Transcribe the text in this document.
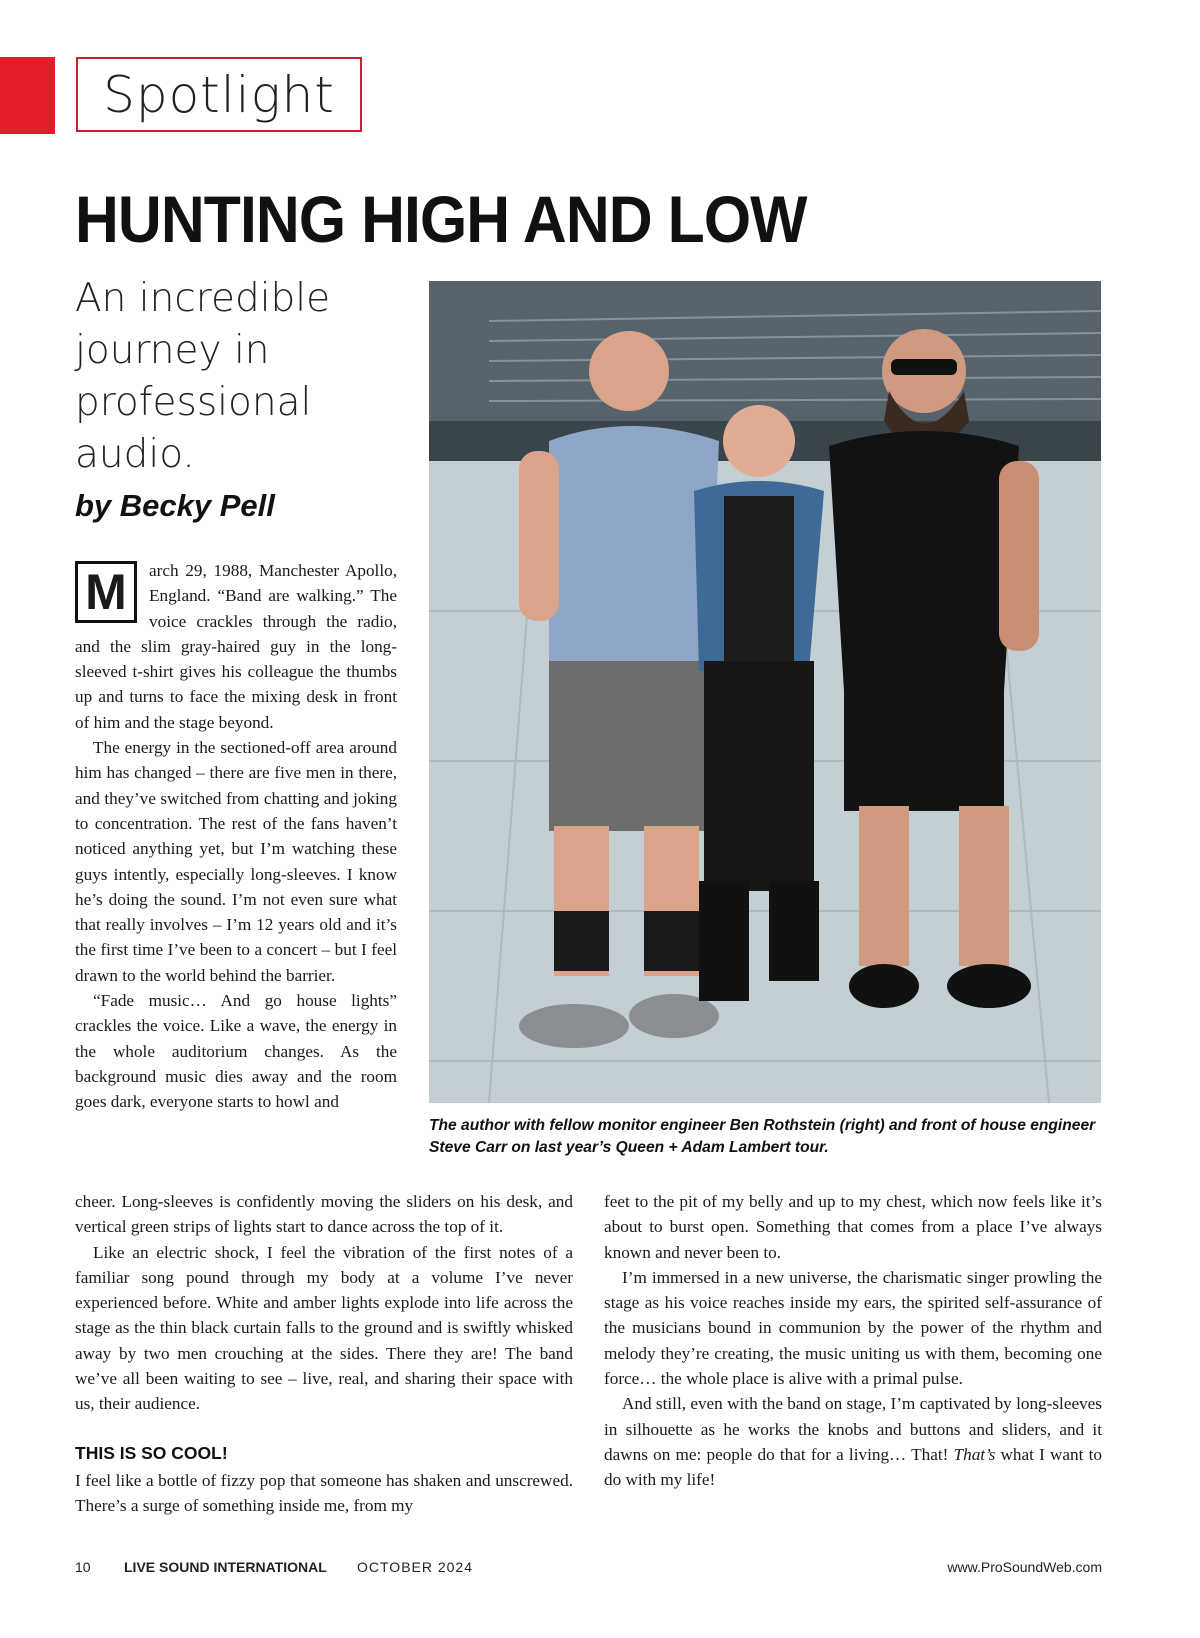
Spotlight
HUNTING HIGH AND LOW

An incredible journey in professional audio.

by Becky Pell

M	arch 29, 1988, Manchester Apollo, England. “Band are walking.” The voice crackles through the radio, and the slim gray-haired guy in the long-sleeved t-shirt gives his colleague the thumbs up and turns to face the mixing desk in front of him and the stage beyond.

The energy in the sectioned-off area around him has changed – there are five men in there, and they’ve switched from chatting and joking to concentration. The rest of the fans haven’t noticed anything yet, but I’m watching these guys intently, especially long-sleeves. I know he’s doing the sound. I’m not even sure what that really involves – I’m 12 years old and it’s the first time I’ve been to a concert – but I feel drawn to the world behind the barrier.

“Fade music… And go house lights” crackles the voice. Like a wave, the energy in the whole auditorium changes. As the background music dies away and the room goes dark, everyone starts to howl and

The author with fellow monitor engineer Ben Rothstein (right) and front of house engineer Steve Carr on last year’s Queen + Adam Lambert tour.

cheer. Long-sleeves is confidently moving the sliders on his desk, and vertical green strips of lights start to dance across the top of it.

Like an electric shock, I feel the vibration of the first notes of a familiar song pound through my body at a volume I’ve never experienced before. White and amber lights explode into life across the stage as the thin black curtain falls to the ground and is swiftly whisked away by two men crouching at the sides. There they are! The band we’ve all been waiting to see – live, real, and sharing their space with us, their audience.

THIS IS SO COOL!

I feel like a bottle of fizzy pop that someone has shaken and unscrewed. There’s a surge of something inside me, from my

feet to the pit of my belly and up to my chest, which now feels like it’s about to burst open. Something that comes from a place I’ve always known and never been to.

I’m immersed in a new universe, the charismatic singer prowling the stage as his voice reaches inside my ears, the spirited self-assurance of the musicians bound in communion by the power of the rhythm and melody they’re creating, the music uniting us with them, becoming one force… the whole place is alive with a primal pulse.

And still, even with the band on stage, I’m captivated by long-sleeves in silhouette as he works the knobs and buttons and sliders, and it dawns on me: people do that for a living… That! That’s what I want to do with my life!

10 LIVE SOUND INTERNATIONAL OCTOBER 2024	www.ProSoundWeb.com
